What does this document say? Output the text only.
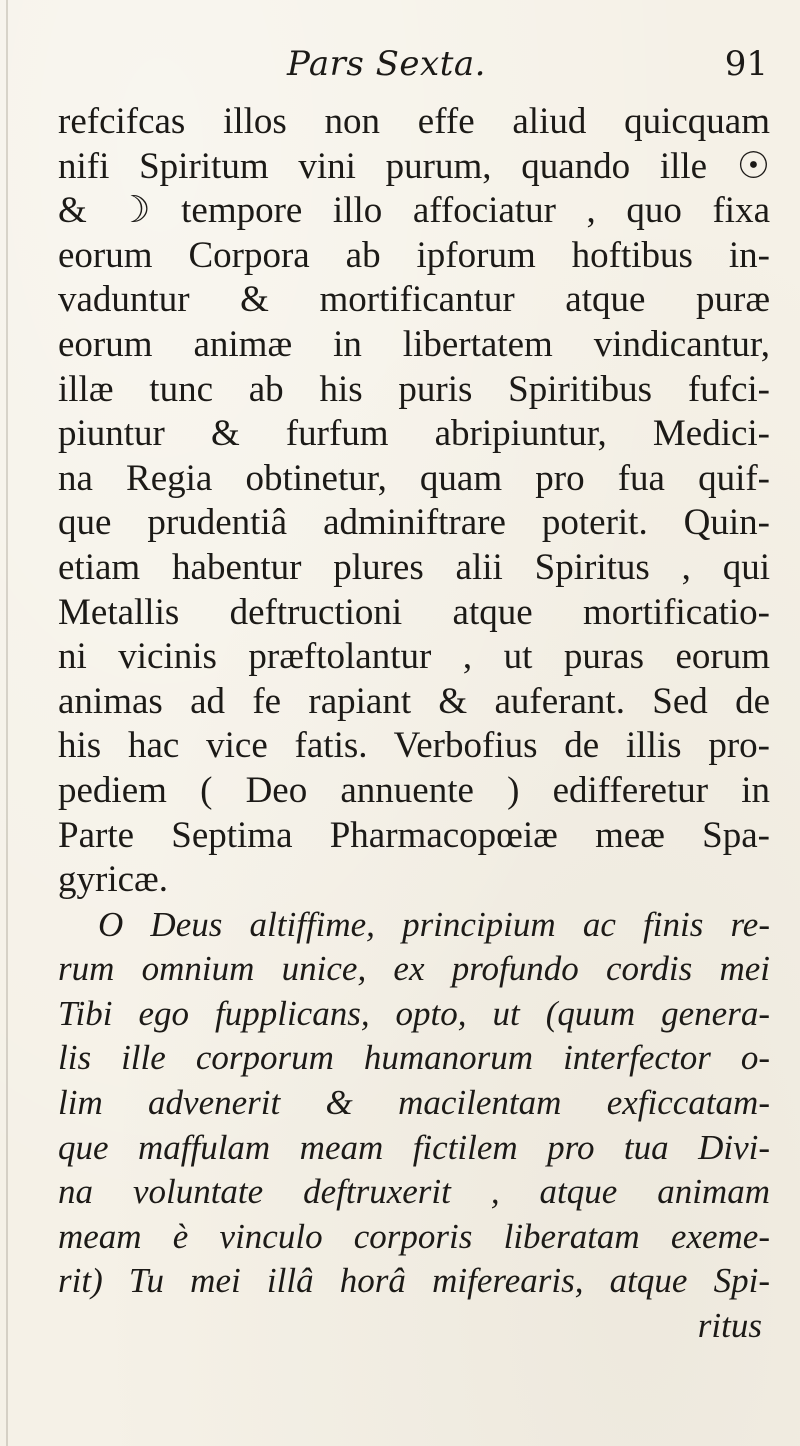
Pars Sexta.	91
refcifcas illos non effe aliud quicquam
nifi Spiritum vini purum, quando ille ☉
& ☽ tempore illo affociatur , quo fixa
eorum Corpora ab ipforum hoftibus in-
vaduntur & mortificantur atque puræ
eorum animæ in libertatem vindicantur,
illæ tunc ab his puris Spiritibus fufci-
piuntur & furfum abripiuntur, Medici-
na Regia obtinetur, quam pro fua quif-
que prudentiâ adminiftrare poterit. Quin-
etiam habentur plures alii Spiritus , qui
Metallis deftructioni atque mortificatio-
ni vicinis præftolantur , ut puras eorum
animas ad fe rapiant & auferant. Sed de
his hac vice fatis. Verbofius de illis pro-
pediem ( Deo annuente ) edifferetur in
Parte Septima Pharmacopœiæ meæ Spa-
gyricæ.
O Deus altiffime, principium ac finis re-
rum omnium unice, ex profundo cordis mei
Tibi ego fupplicans, opto, ut (quum genera-
lis ille corporum humanorum interfector o-
lim advenerit & macilentam exficcatam-
que maffulam meam fictilem pro tua Divi-
na voluntate deftruxerit , atque animam
meam è vinculo corporis liberatam exeme-
rit) Tu mei illâ horâ miferearis, atque Spi-
ritus
